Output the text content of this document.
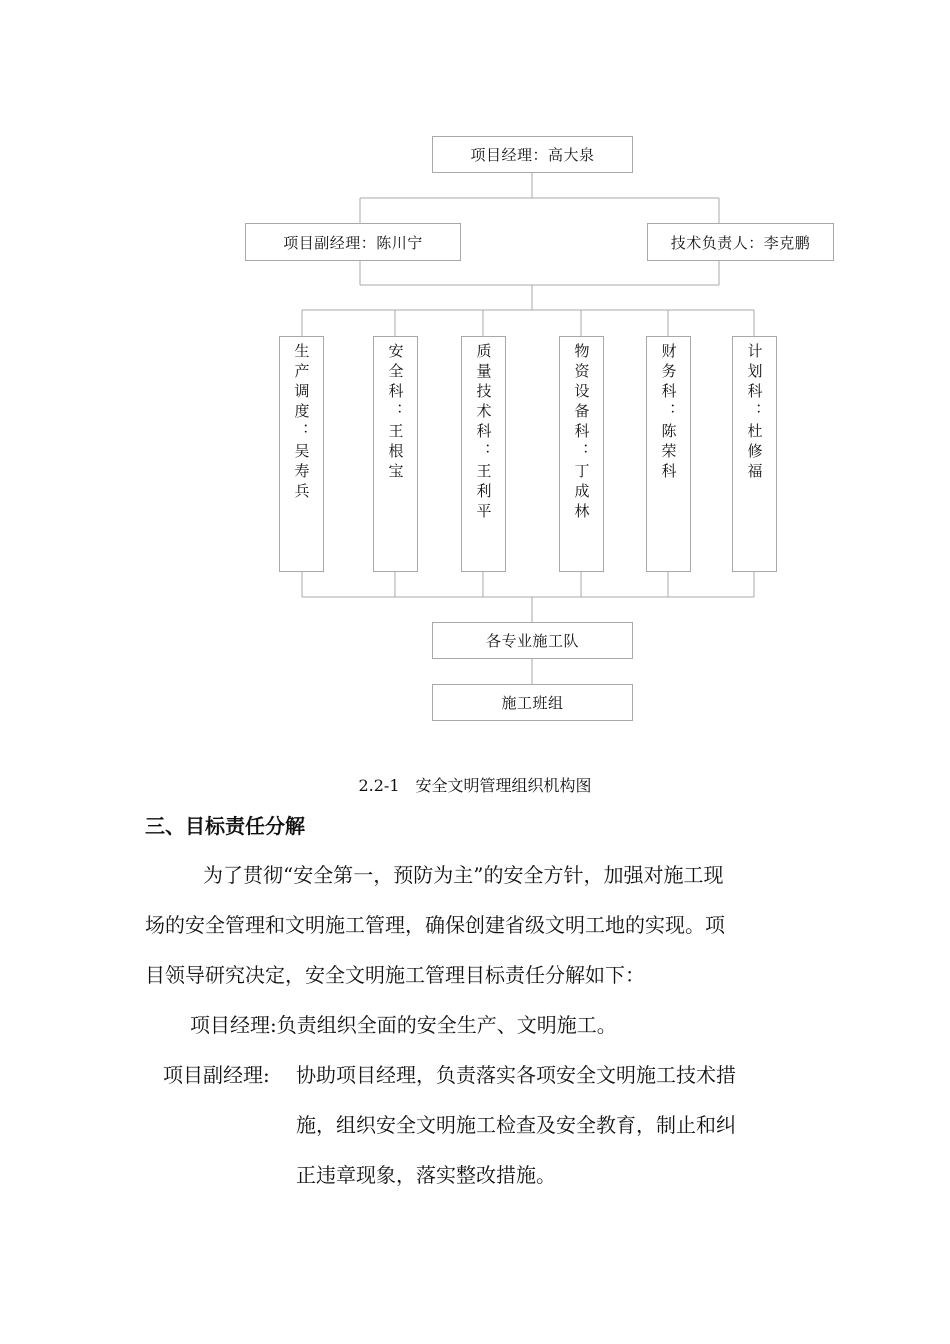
项目经理：高大泉
项目副经理：陈川宁	技术负责人：李克鹏
生产调度：吴寿兵	安全科：王根宝	质量技术科：王利平	物资设备科：丁成林	财务科：陈荣科	计划科：杜修福
各专业施工队
施工班组
2.2-1　安全文明管理组织机构图
三、目标责任分解
为了贯彻“安全第一，预防为主”的安全方针，加强对施工现
场的安全管理和文明施工管理，确保创建省级文明工地的实现。项
目领导研究决定，安全文明施工管理目标责任分解如下：
项目经理:负责组织全面的安全生产、文明施工。
项目副经理: 协助项目经理，负责落实各项安全文明施工技术措
施，组织安全文明施工检查及安全教育，制止和纠
正违章现象，落实整改措施。
